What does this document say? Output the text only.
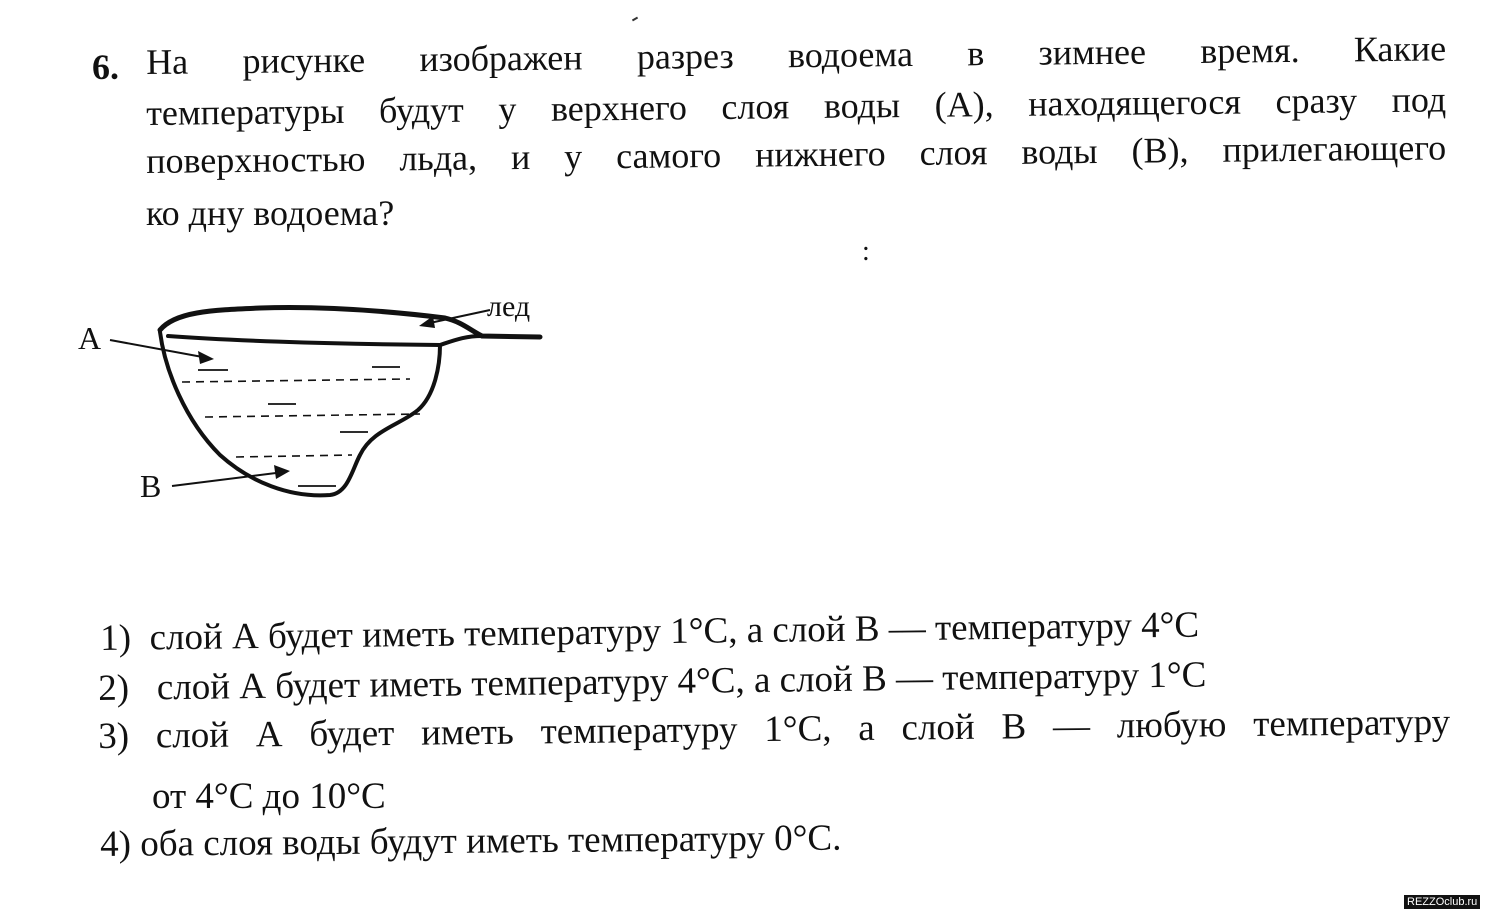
6. На рисунке изображен разрез водоема в зимнее время. Какие
температуры будут у верхнего слоя воды (А), находящегося сразу под
поверхностью льда, и у самого нижнего слоя воды (В), прилегающего
ко дну водоема?
:
А
В
лед
1) слой А будет иметь температуру 1°С, а слой В — температуру 4°С
2) слой А будет иметь температуру 4°С, а слой В — температуру 1°С
3) слой А будет иметь температуру 1°С, а слой В — любую температуру
от 4°С до 10°С
4) оба слоя воды будут иметь температуру 0°С.
REZZOclub.ru
